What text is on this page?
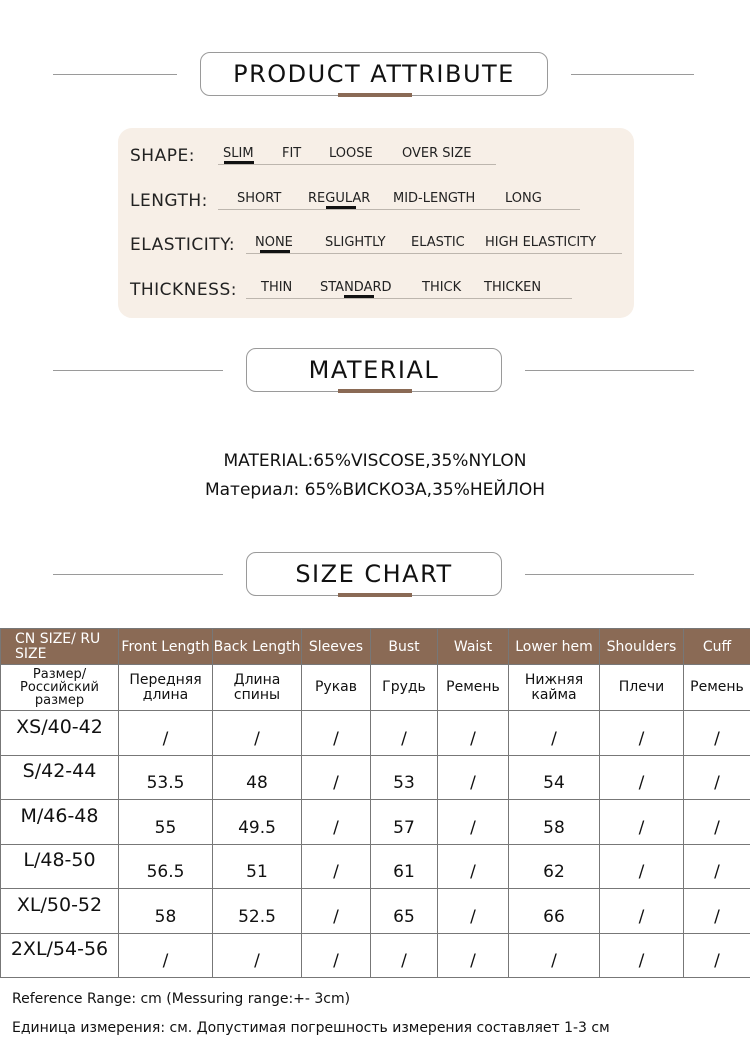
PRODUCT ATTRIBUTE
SHAPE: SLIM FIT LOOSE OVER SIZE
LENGTH: SHORT REGULAR MID-LENGTH LONG
ELASTICITY: NONE SLIGHTLY ELASTIC HIGH ELASTICITY
THICKNESS: THIN STANDARD THICK THICKEN
MATERIAL
MATERIAL:65%VISCOSE,35%NYLON
Материал: 65%ВИСКОЗА,35%НЕЙЛОН
SIZE CHART
CN SIZE/ RU SIZE	Front Length	Back Length	Sleeves	Bust	Waist	Lower hem	Shoulders	Cuff
Размер/ Российский размер	Передняя длина	Длина спины	Рукав	Грудь	Ремень	Нижняя кайма	Плечи	Ремень
XS/40-42	/	/	/	/	/	/	/	/
S/42-44	53.5	48	/	53	/	54	/	/
M/46-48	55	49.5	/	57	/	58	/	/
L/48-50	56.5	51	/	61	/	62	/	/
XL/50-52	58	52.5	/	65	/	66	/	/
2XL/54-56	/	/	/	/	/	/	/	/
Reference Range: cm (Messuring range:+- 3cm)
Единица измерения: см. Допустимая погрешность измерения составляет 1-3 см
